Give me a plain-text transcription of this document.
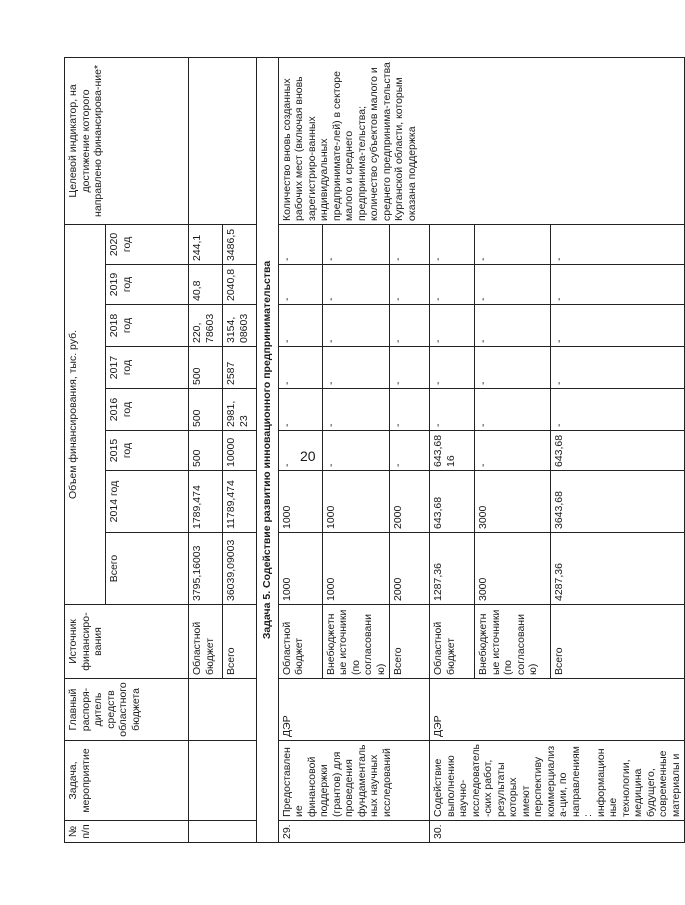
20
№ п/п	Задача, мероприятие	Главный распоря-дитель средств областного бюджета	Источник финансиро-вания	Объем финансирования, тыс. руб.								Целевой индикатор, на достижение которого направлено финансирова-ние*
				Всего	2014 год	2015 год	2016 год	2017 год	2018 год	2019 год	2020 год	
			Областной бюджет	3795,16003	1789,474	500	500	500	220, 78603	40,8	244,1	
			Всего	36039,09003	11789,474	10000	2981, 23	2587	3154, 08603	2040,8	3486,5	
Задача 5. Содействие развитию инновационного предпринимательства												
29.	Предоставление финансовой поддержки (грантов) для проведения фундаментальных научных исследований	ДЭР	Областной бюджет	1000	1000	-	-	-	-	-	-	Количество вновь созданных рабочих мест (включая вновь зарегистриро-ванных индивидуальных предпринимате-лей) в секторе малого и среднего предпринима-тельства; количество субъектов малого и среднего предпринима-тельства Курганской области, которым оказана поддержка
			Внебюджетные источники (по согласованию)	1000	1000	-	-	-	-	-	-	
			Всего	2000	2000	-	-	-	-	-	-	
30.	Содействие выполнению научно-исследователь-ских работ, результаты которых имеют перспективу коммерциализа-ции, по направлениям: информационные технологии, медицина будущего, современные материалы и	ДЭР	Областной бюджет	1287,36	643,68	643,68 16	-	-	-	-	-	
			Внебюджетные источники (по согласованию)	3000	3000	-	-	-	-	-	-	
			Всего	4287,36	3643,68	643,68	-	-	-	-	-	
